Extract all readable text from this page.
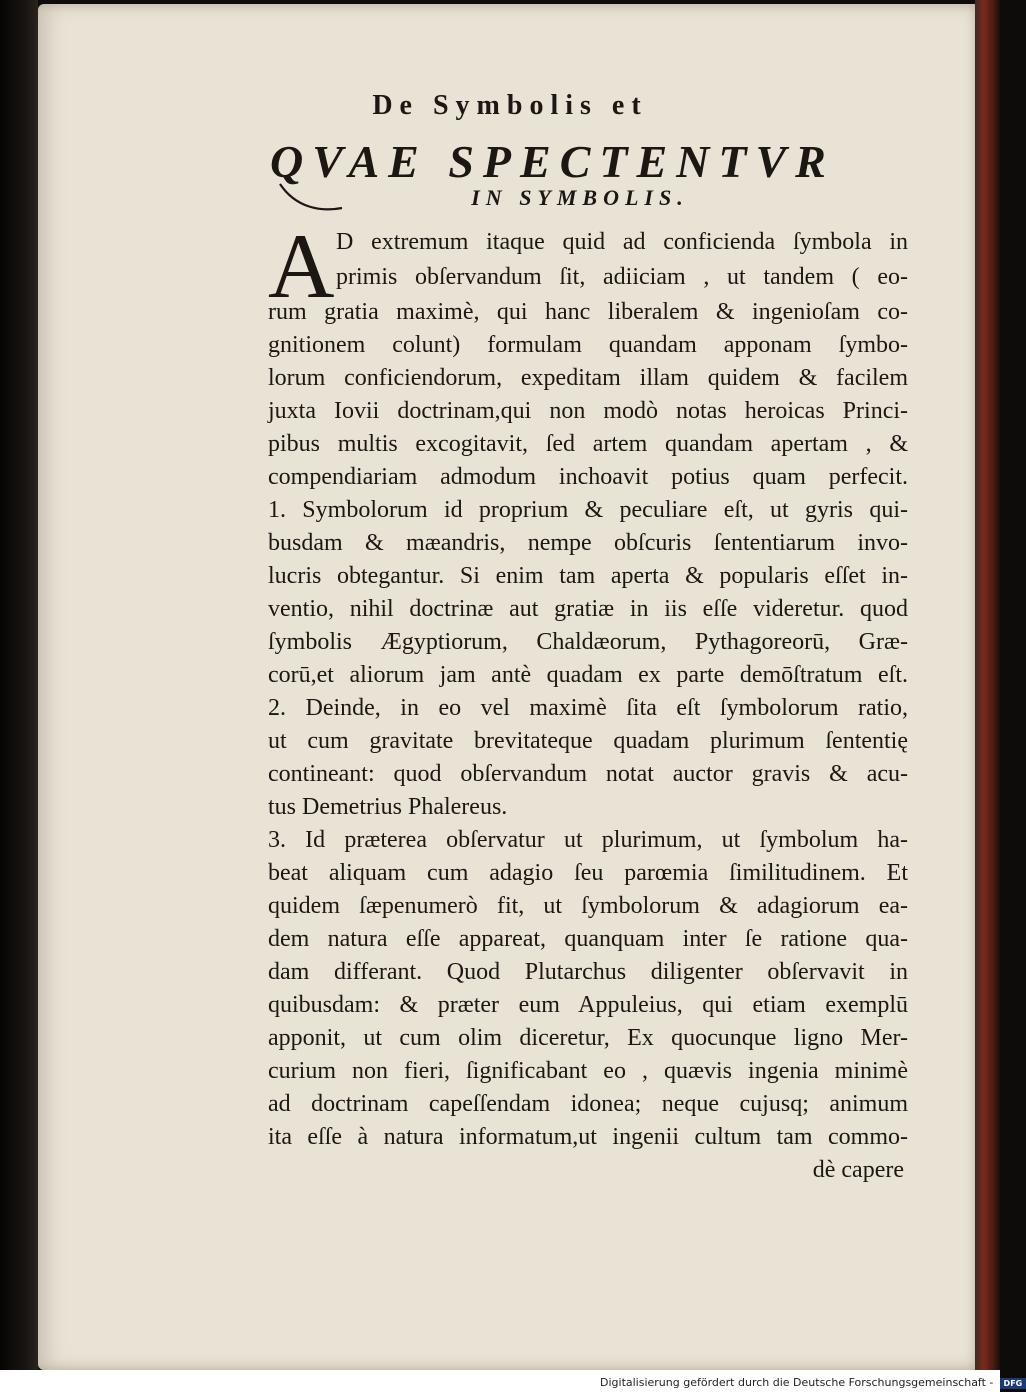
De Symbolis et
QVAE SPECTENTVR
IN SYMBOLIS.
A D extremum itaque quid ad conficienda ſymbola in
primis obſervandum ſit, adiiciam , ut tandem ( eo-
rum gratia maximè, qui hanc liberalem & ingenioſam co-
gnitionem colunt) formulam quandam apponam ſymbo-
lorum conficiendorum, expeditam illam quidem & facilem
juxta Iovii doctrinam,qui non modò notas heroicas Princi-
pibus multis excogitavit, ſed artem quandam apertam , &
compendiariam admodum inchoavit potius quam perfecit.
1. Symbolorum id proprium & peculiare eſt, ut gyris qui-
busdam & mæandris, nempe obſcuris ſententiarum invo-
lucris obtegantur. Si enim tam aperta & popularis eſſet in-
ventio, nihil doctrinæ aut gratiæ in iis eſſe videretur. quod
ſymbolis Ægyptiorum, Chaldæorum, Pythagoreorū, Græ-
corū,et aliorum jam antè quadam ex parte demōſtratum eſt.
2. Deinde, in eo vel maximè ſita eſt ſymbolorum ratio,
ut cum gravitate brevitateque quadam plurimum ſententię
contineant: quod obſervandum notat auctor gravis & acu-
tus Demetrius Phalereus.
3. Id præterea obſervatur ut plurimum, ut ſymbolum ha-
beat aliquam cum adagio ſeu parœmia ſimilitudinem. Et
quidem ſæpenumerò fit, ut ſymbolorum & adagiorum ea-
dem natura eſſe appareat, quanquam inter ſe ratione qua-
dam differant. Quod Plutarchus diligenter obſervavit in
quibusdam: & præter eum Appuleius, qui etiam exemplū
apponit, ut cum olim diceretur, Ex quocunque ligno Mer-
curium non fieri, ſignificabant eo , quævis ingenia minimè
ad doctrinam capeſſendam idonea; neque cujusq; animum
ita eſſe à natura informatum,ut ingenii cultum tam commo-
dè capere
Digitalisierung gefördert durch die Deutsche Forschungsgemeinschaft - DFG
